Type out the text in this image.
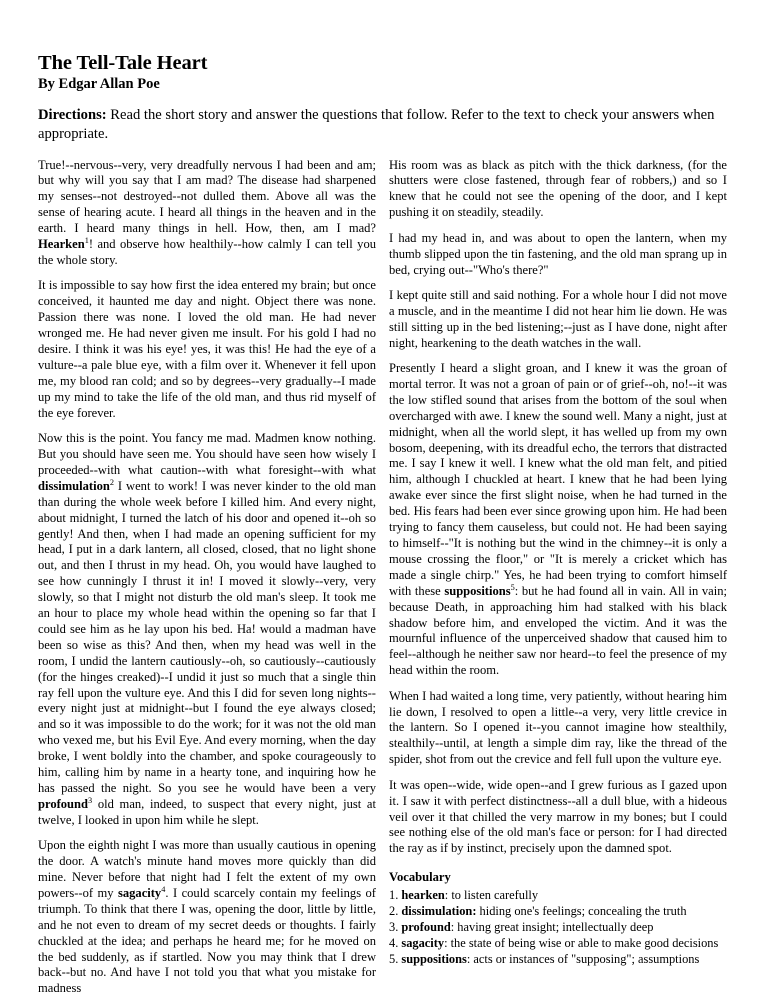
The Tell-Tale Heart
By Edgar Allan Poe

Directions: Read the short story and answer the questions that follow. Refer to the text to check your answers when appropriate.

True!--nervous--very, very dreadfully nervous I had been and am; but why will you say that I am mad? The disease had sharpened my senses--not destroyed--not dulled them. Above all was the sense of hearing acute. I heard all things in the heaven and in the earth. I heard many things in hell. How, then, am I mad? Hearken$^1$! and observe how healthily--how calmly I can tell you the whole story.

It is impossible to say how first the idea entered my brain; but once conceived, it haunted me day and night. Object there was none. Passion there was none. I loved the old man. He had never wronged me. He had never given me insult. For his gold I had no desire. I think it was his eye! yes, it was this! He had the eye of a vulture--a pale blue eye, with a film over it. Whenever it fell upon me, my blood ran cold; and so by degrees--very gradually--I made up my mind to take the life of the old man, and thus rid myself of the eye forever.

Now this is the point. You fancy me mad. Madmen know nothing. But you should have seen me. You should have seen how wisely I proceeded--with what caution--with what foresight--with what dissimulation$^2$ I went to work! I was never kinder to the old man than during the whole week before I killed him. And every night, about midnight, I turned the latch of his door and opened it--oh so gently! And then, when I had made an opening sufficient for my head, I put in a dark lantern, all closed, closed, that no light shone out, and then I thrust in my head. Oh, you would have laughed to see how cunningly I thrust it in! I moved it slowly--very, very slowly, so that I might not disturb the old man's sleep. It took me an hour to place my whole head within the opening so far that I could see him as he lay upon his bed. Ha! would a madman have been so wise as this? And then, when my head was well in the room, I undid the lantern cautiously--oh, so cautiously--cautiously (for the hinges creaked)--I undid it just so much that a single thin ray fell upon the vulture eye. And this I did for seven long nights--every night just at midnight--but I found the eye always closed; and so it was impossible to do the work; for it was not the old man who vexed me, but his Evil Eye. And every morning, when the day broke, I went boldly into the chamber, and spoke courageously to him, calling him by name in a hearty tone, and inquiring how he has passed the night. So you see he would have been a very profound$^3$ old man, indeed, to suspect that every night, just at twelve, I looked in upon him while he slept.

Upon the eighth night I was more than usually cautious in opening the door. A watch's minute hand moves more quickly than did mine. Never before that night had I felt the extent of my own powers--of my sagacity$^4$. I could scarcely contain my feelings of triumph. To think that there I was, opening the door, little by little, and he not even to dream of my secret deeds or thoughts. I fairly chuckled at the idea; and perhaps he heard me; for he moved on the bed suddenly, as if startled. Now you may think that I drew back--but no. And have I not told you that what you mistake for madness

His room was as black as pitch with the thick darkness, (for the shutters were close fastened, through fear of robbers,) and so I knew that he could not see the opening of the door, and I kept pushing it on steadily, steadily.

I had my head in, and was about to open the lantern, when my thumb slipped upon the tin fastening, and the old man sprang up in bed, crying out--"Who's there?"

I kept quite still and said nothing. For a whole hour I did not move a muscle, and in the meantime I did not hear him lie down. He was still sitting up in the bed listening;--just as I have done, night after night, hearkening to the death watches in the wall.

Presently I heard a slight groan, and I knew it was the groan of mortal terror. It was not a groan of pain or of grief--oh, no!--it was the low stifled sound that arises from the bottom of the soul when overcharged with awe. I knew the sound well. Many a night, just at midnight, when all the world slept, it has welled up from my own bosom, deepening, with its dreadful echo, the terrors that distracted me. I say I knew it well. I knew what the old man felt, and pitied him, although I chuckled at heart. I knew that he had been lying awake ever since the first slight noise, when he had turned in the bed. His fears had been ever since growing upon him. He had been trying to fancy them causeless, but could not. He had been saying to himself--"It is nothing but the wind in the chimney--it is only a mouse crossing the floor," or "It is merely a cricket which has made a single chirp." Yes, he had been trying to comfort himself with these suppositions$^5$: but he had found all in vain. All in vain; because Death, in approaching him had stalked with his black shadow before him, and enveloped the victim. And it was the mournful influence of the unperceived shadow that caused him to feel--although he neither saw nor heard--to feel the presence of my head within the room.

When I had waited a long time, very patiently, without hearing him lie down, I resolved to open a little--a very, very little crevice in the lantern. So I opened it--you cannot imagine how stealthily, stealthily--until, at length a simple dim ray, like the thread of the spider, shot from out the crevice and fell full upon the vulture eye.

It was open--wide, wide open--and I grew furious as I gazed upon it. I saw it with perfect distinctness--all a dull blue, with a hideous veil over it that chilled the very marrow in my bones; but I could see nothing else of the old man's face or person: for I had directed the ray as if by instinct, precisely upon the damned spot.

Vocabulary
1. hearken: to listen carefully
2. dissimulation: hiding one's feelings; concealing the truth
3. profound: having great insight; intellectually deep
4. sagacity: the state of being wise or able to make good decisions
5. suppositions: acts or instances of "supposing"; assumptions
